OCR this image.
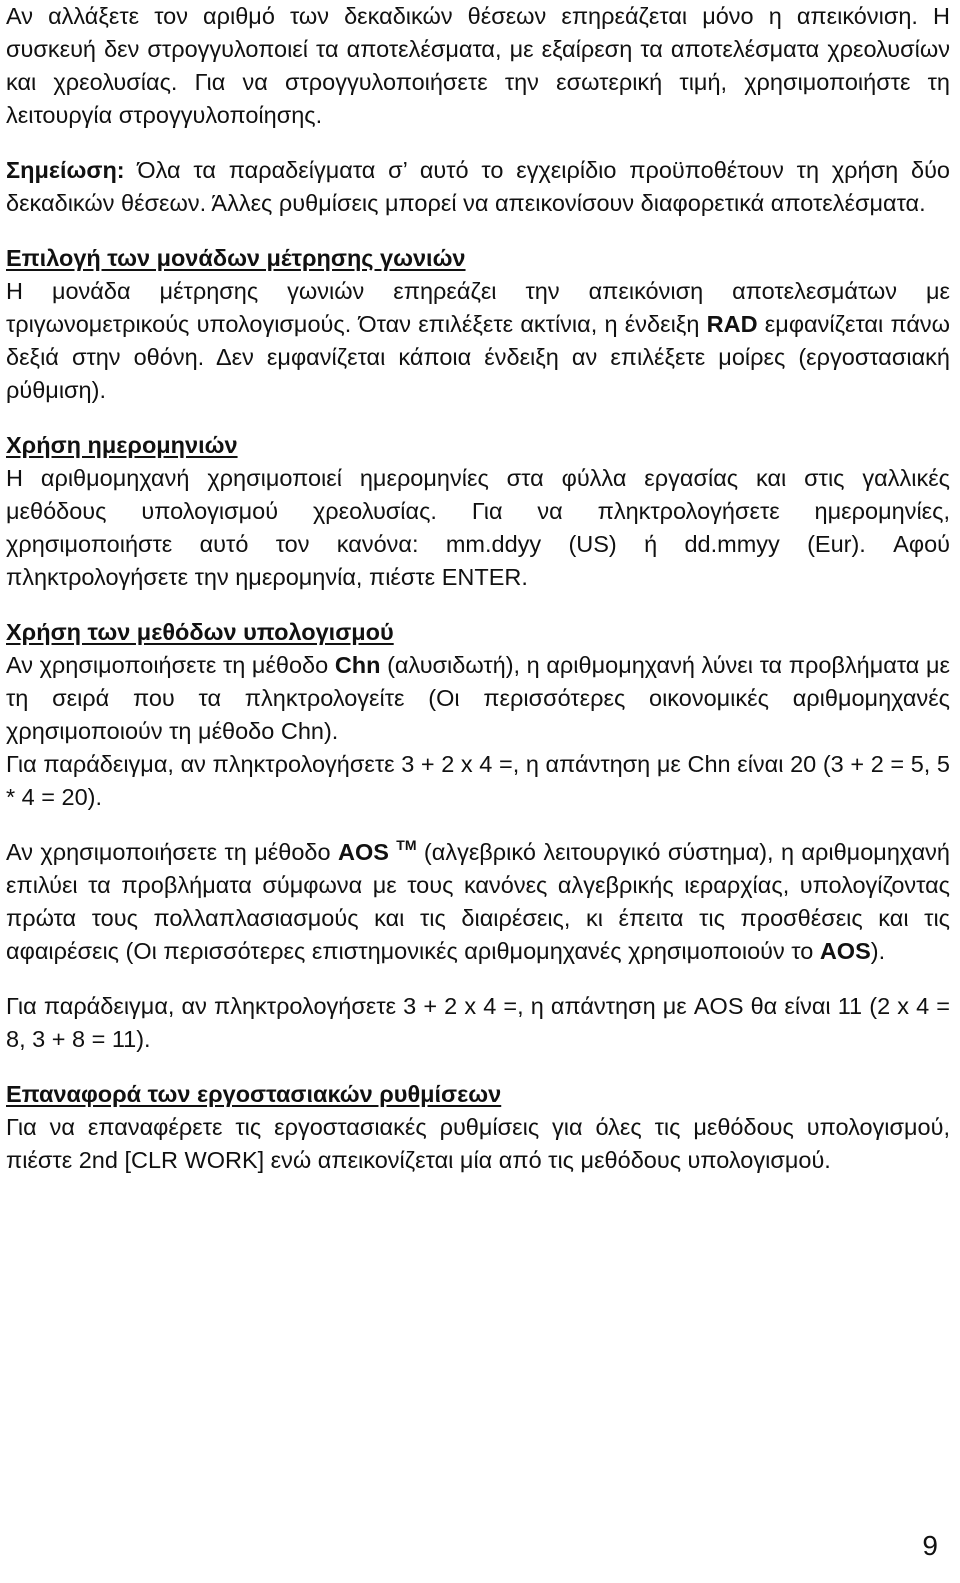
Αν αλλάξετε τον αριθμό των δεκαδικών θέσεων επηρεάζεται μόνο η απεικόνιση. Η συσκευή δεν στρογγυλοποιεί τα αποτελέσματα, με εξαίρεση τα αποτελέσματα χρεολυσίων και χρεολυσίας. Για να στρογγυλοποιήσετε την εσωτερική τιμή, χρησιμοποιήστε τη λειτουργία στρογγυλοποίησης.

Σημείωση: Όλα τα παραδείγματα σ’ αυτό το εγχειρίδιο προϋποθέτουν τη χρήση δύο δεκαδικών θέσεων. Άλλες ρυθμίσεις μπορεί να απεικονίσουν διαφορετικά αποτελέσματα.

Επιλογή των μονάδων μέτρησης γωνιών

Η μονάδα μέτρησης γωνιών επηρεάζει την απεικόνιση αποτελεσμάτων με τριγωνομετρικούς υπολογισμούς. Όταν επιλέξετε ακτίνια, η ένδειξη RAD εμφανίζεται πάνω δεξιά στην οθόνη. Δεν εμφανίζεται κάποια ένδειξη αν επιλέξετε μοίρες (εργοστασιακή ρύθμιση).

Χρήση ημερομηνιών

Η αριθμομηχανή χρησιμοποιεί ημερομηνίες στα φύλλα εργασίας και στις γαλλικές μεθόδους υπολογισμού χρεολυσίας. Για να πληκτρολογήσετε ημερομηνίες, χρησιμοποιήστε αυτό τον κανόνα: mm.ddyy (US) ή dd.mmyy (Eur). Αφού πληκτρολογήσετε την ημερομηνία, πιέστε ENTER.

Χρήση των μεθόδων υπολογισμού

Αν χρησιμοποιήσετε τη μέθοδο Chn (αλυσιδωτή), η αριθμομηχανή λύνει τα προβλήματα με τη σειρά που τα πληκτρολογείτε (Οι περισσότερες οικονομικές αριθμομηχανές χρησιμοποιούν τη μέθοδο Chn).

Για παράδειγμα, αν πληκτρολογήσετε 3 + 2 x 4 =, η απάντηση με Chn είναι 20 (3 + 2 = 5, 5 * 4 = 20).

Αν χρησιμοποιήσετε τη μέθοδο AOS ™ (αλγεβρικό λειτουργικό σύστημα), η αριθμομηχανή επιλύει τα προβλήματα σύμφωνα με τους κανόνες αλγεβρικής ιεραρχίας, υπολογίζοντας πρώτα τους πολλαπλασιασμούς και τις διαιρέσεις, κι έπειτα τις προσθέσεις και τις αφαιρέσεις (Οι περισσότερες επιστημονικές αριθμομηχανές χρησιμοποιούν το AOS).

Για παράδειγμα, αν πληκτρολογήσετε 3 + 2 x 4 =, η απάντηση με AOS θα είναι 11 (2 x 4 = 8, 3 + 8 = 11).

Επαναφορά των εργοστασιακών ρυθμίσεων

Για να επαναφέρετε τις εργοστασιακές ρυθμίσεις για όλες τις μεθόδους υπολογισμού, πιέστε 2nd [CLR WORK] ενώ απεικονίζεται μία από τις μεθόδους υπολογισμού.

9
